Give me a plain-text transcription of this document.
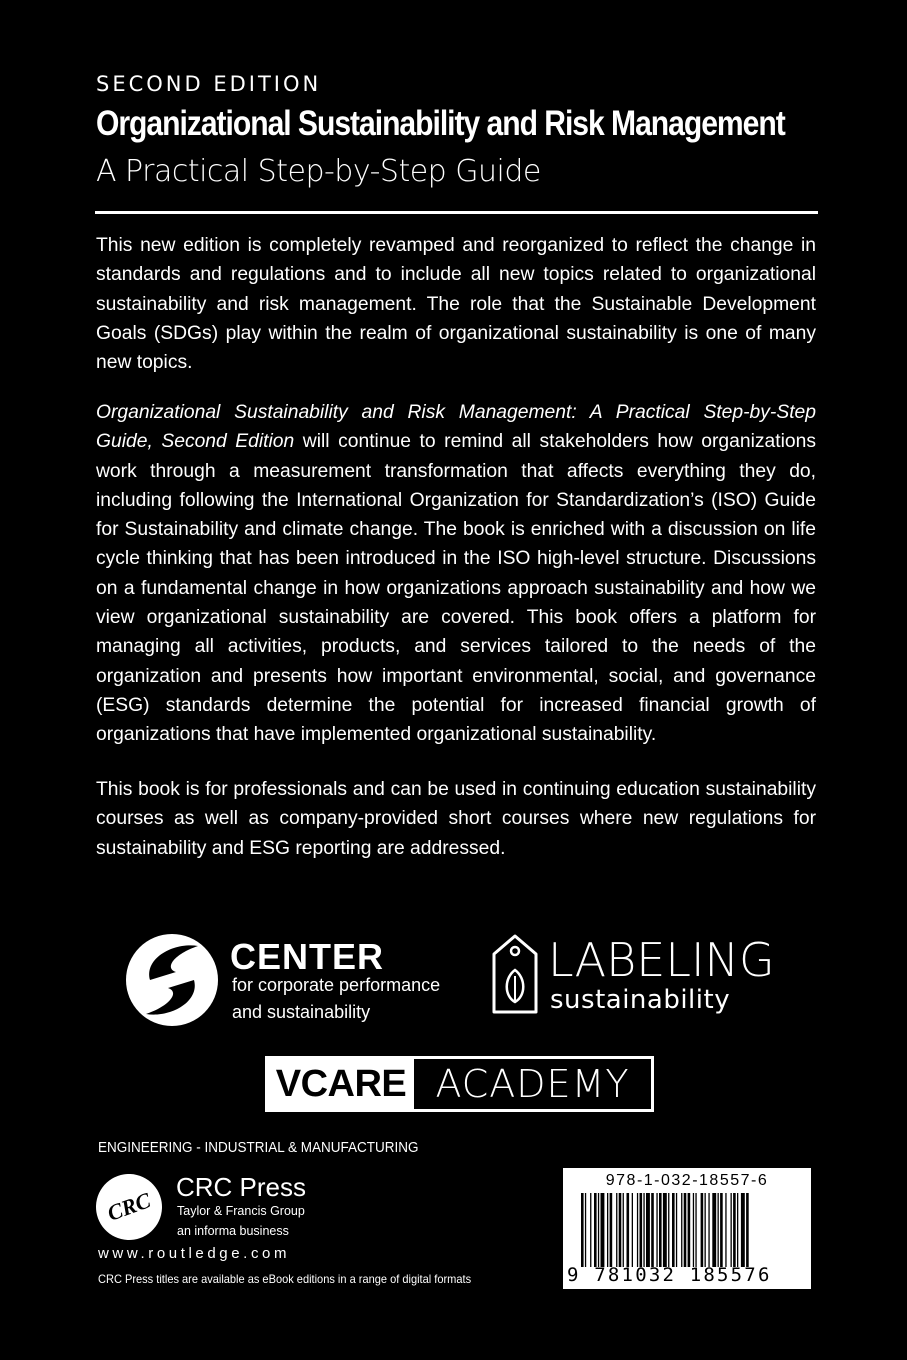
SECOND EDITION
Organizational Sustainability and Risk Management
A Practical Step-by-Step Guide
This new edition is completely revamped and reorganized to reflect the change in standards and regulations and to include all new topics related to organizational sustainability and risk management. The role that the Sustainable Development Goals (SDGs) play within the realm of organizational sustainability is one of many new topics.
Organizational Sustainability and Risk Management: A Practical Step-by-Step Guide, Second Edition will continue to remind all stakeholders how organizations work through a measurement transformation that affects everything they do, including following the International Organization for Standardization’s (ISO) Guide for Sustainability and climate change. The book is enriched with a discussion on life cycle thinking that has been introduced in the ISO high-level structure. Discussions on a fundamental change in how organizations approach sustainability and how we view organizational sustainability are covered. This book offers a platform for managing all activities, products, and services tailored to the needs of the organization and presents how important environmental, social, and governance (ESG) standards determine the potential for increased financial growth of organizations that have implemented organizational sustainability.
This book is for professionals and can be used in continuing education sustainability courses as well as company-provided short courses where new regulations for sustainability and ESG reporting are addressed.
CENTER
for corporate performance
and sustainability
LABELING
sustainability
VCARE ACADEMY
ENGINEERING - INDUSTRIAL & MANUFACTURING
CRC
CRC Press
Taylor & Francis Group
an informa business
www.routledge.com
CRC Press titles are available as eBook editions in a range of digital formats
978-1-032-18557-6
9 781032 185576
